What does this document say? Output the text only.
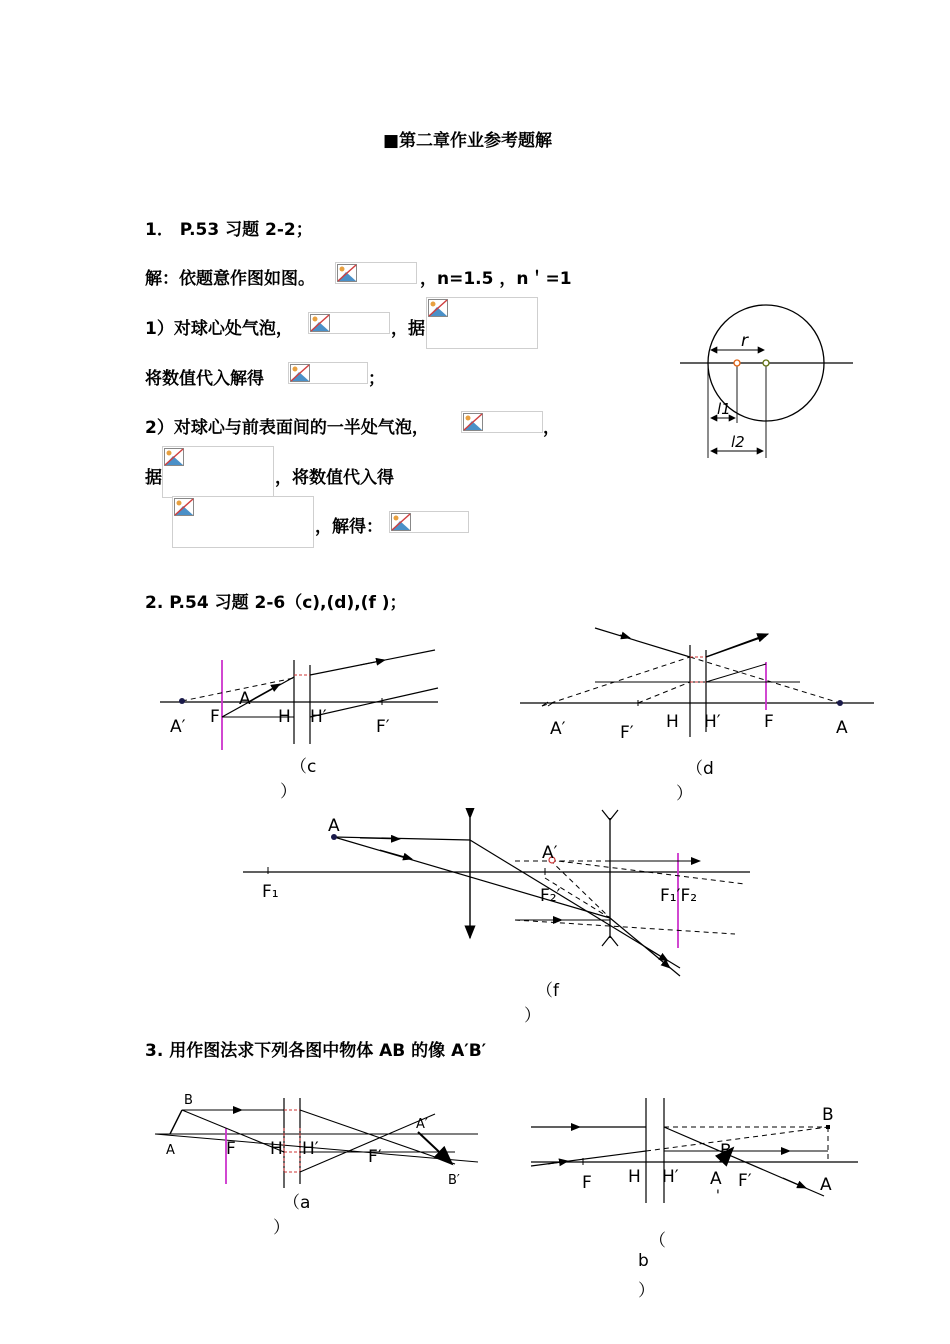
■第二章作业参考题解
1． P.53 习题 2-2；
解：依题意作图如图。	，n=1.5 ，n＇=1
1）对球心处气泡，	，据
将数值代入解得	；
2）对球心与前表面间的一半处气泡，	，
据	，将数值代入得
，解得：
r
l1
l2
2. P.54 习题 2-6（c),(d),(f )；
A′ F
A
H H′	F′
（c
）
A′	F′
H H′	F	A
（d
）
A
A′
F₁	F₂′	F₁′F₂
（f
）
3. 用作图法求下列各图中物体 AB 的像 A′B′
B
A	F H H′	F′
A′
B′
（a
）
B
B
F H H′ A
'
F′	A
（
b
）
